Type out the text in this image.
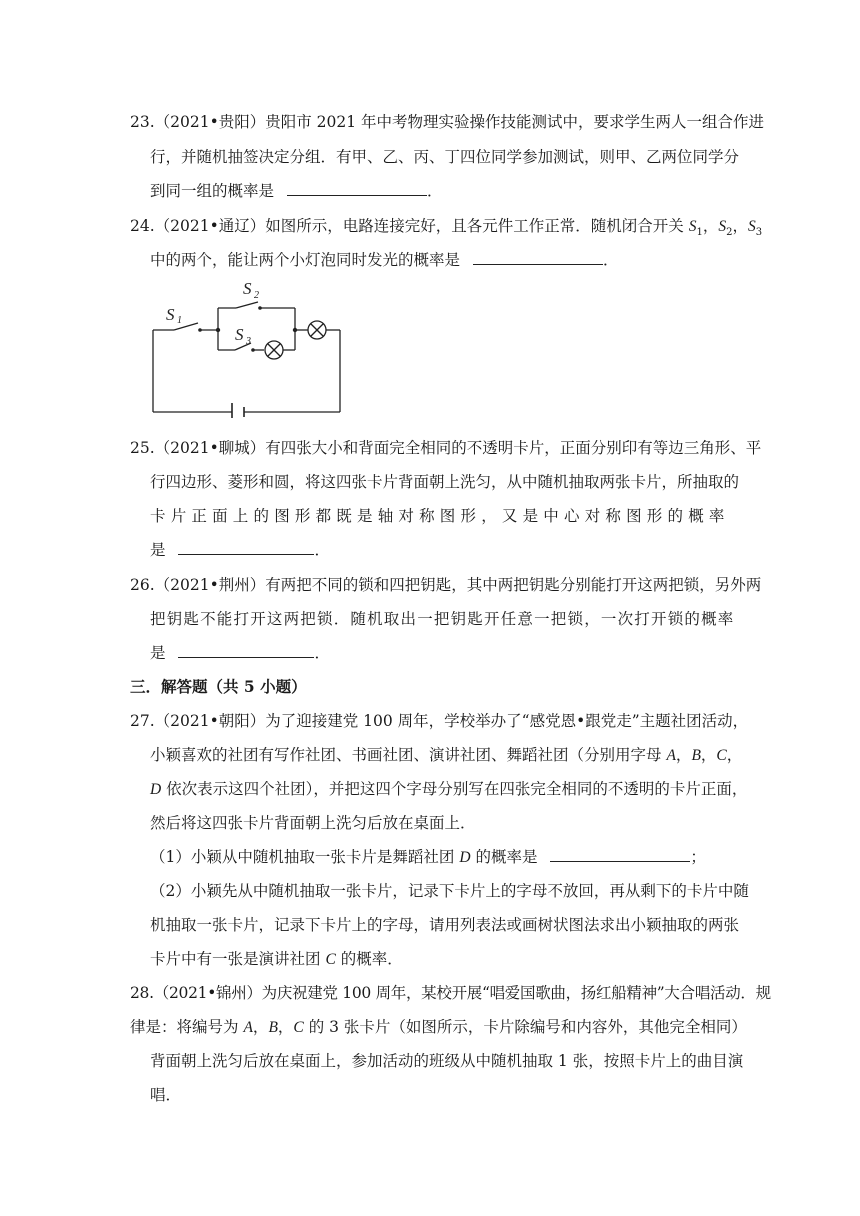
23.（2021•贵阳）贵阳市 2021 年中考物理实验操作技能测试中，要求学生两人一组合作进
行，并随机抽签决定分组．有甲、乙、丙、丁四位同学参加测试，则甲、乙两位同学分
到同一组的概率是	．
24.（2021•通辽）如图所示，电路连接完好，且各元件工作正常．随机闭合开关 $S_1$，$S_2$，$S_3$
中的两个，能让两个小灯泡同时发光的概率是	．
S 1
S 2
S 3
25.（2021•聊城）有四张大小和背面完全相同的不透明卡片，正面分别印有等边三角形、平
行四边形、菱形和圆，将这四张卡片背面朝上洗匀，从中随机抽取两张卡片，所抽取的
卡片正面上的图形都既是轴对称图形，又是中心对称图形的概率
是	．
26.（2021•荆州）有两把不同的锁和四把钥匙，其中两把钥匙分别能打开这两把锁，另外两
把钥匙不能打开这两把锁．随机取出一把钥匙开任意一把锁，一次打开锁的概率
是	．
三．解答题（共 5 小题）
27.（2021•朝阳）为了迎接建党 100 周年，学校举办了“感党恩•跟党走”主题社团活动，
小颖喜欢的社团有写作社团、书画社团、演讲社团、舞蹈社团（分别用字母 A，B，C，
D 依次表示这四个社团），并把这四个字母分别写在四张完全相同的不透明的卡片正面，
然后将这四张卡片背面朝上洗匀后放在桌面上．
（1）小颖从中随机抽取一张卡片是舞蹈社团 D 的概率是	；
（2）小颖先从中随机抽取一张卡片，记录下卡片上的字母不放回，再从剩下的卡片中随
机抽取一张卡片，记录下卡片上的字母，请用列表法或画树状图法求出小颖抽取的两张
卡片中有一张是演讲社团 C 的概率．
28.（2021•锦州）为庆祝建党 100 周年，某校开展“唱爱国歌曲，扬红船精神”大合唱活动．规
律是：将编号为 A，B，C 的 3 张卡片（如图所示，卡片除编号和内容外，其他完全相同）
背面朝上洗匀后放在桌面上，参加活动的班级从中随机抽取 1 张，按照卡片上的曲目演
唱．
